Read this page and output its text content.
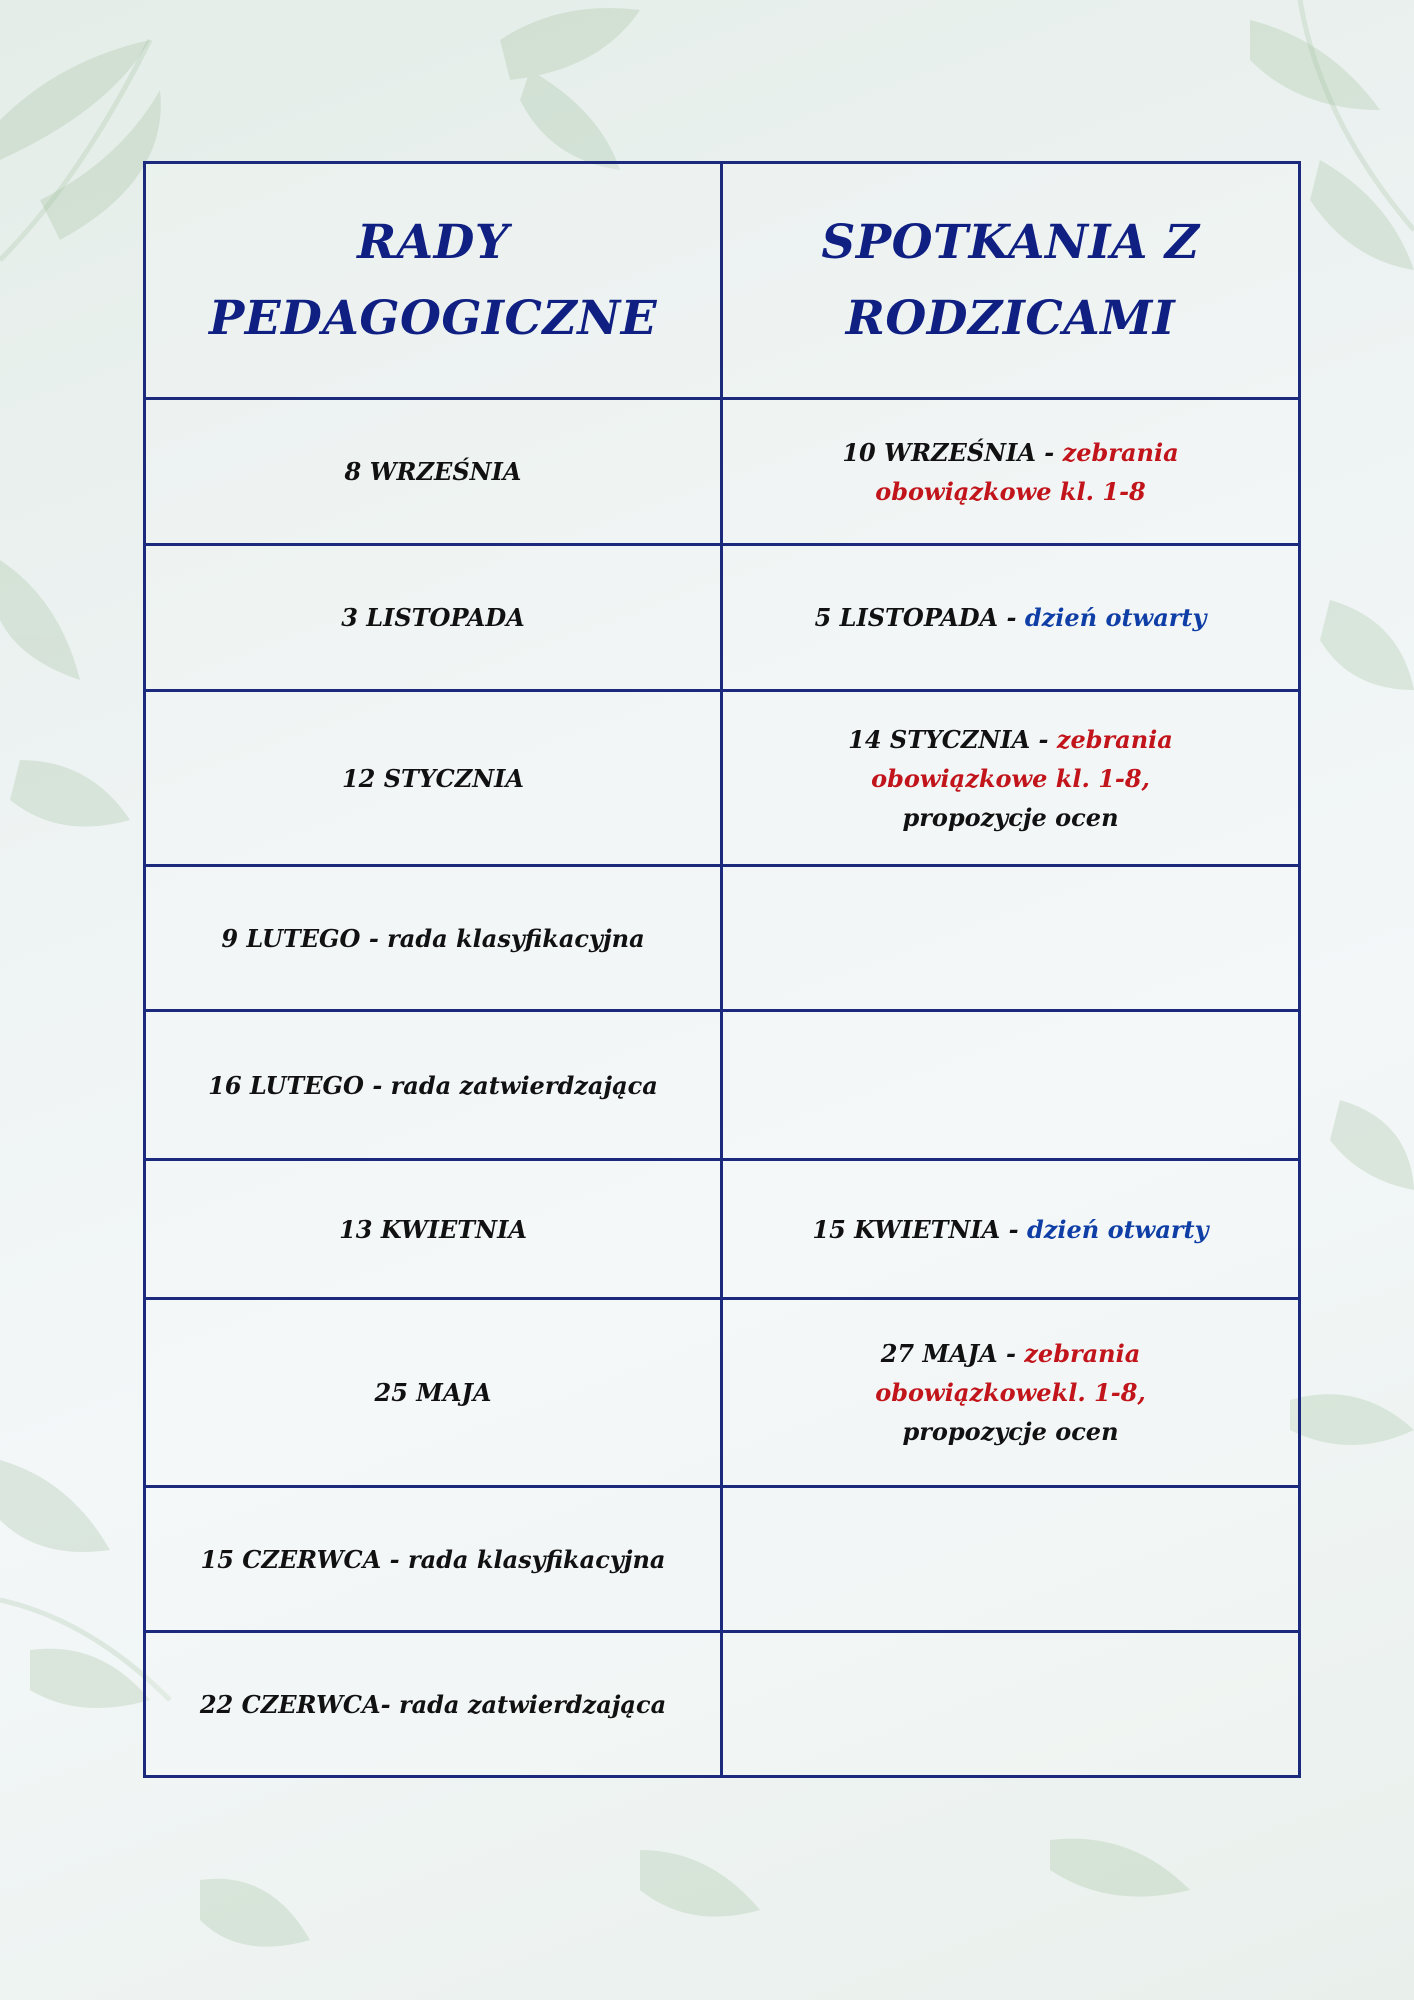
RADY
PEDAGOGICZNE
SPOTKANIA Z
RODZICAMI
8 WRZEŚNIA
10 WRZEŚNIA - zebrania
obowiązkowe kl. 1-8
3 LISTOPADA	5 LISTOPADA - dzień otwarty
12 STYCZNIA
14 STYCZNIA - zebrania
obowiązkowe kl. 1-8,
propozycje ocen
9 LUTEGO - rada klasyfikacyjna
16 LUTEGO - rada zatwierdzająca
13 KWIETNIA	15 KWIETNIA - dzień otwarty
25 MAJA
27 MAJA - zebrania
obowiązkowekl. 1-8,
propozycje ocen
15 CZERWCA - rada klasyfikacyjna
22 CZERWCA- rada zatwierdzająca
